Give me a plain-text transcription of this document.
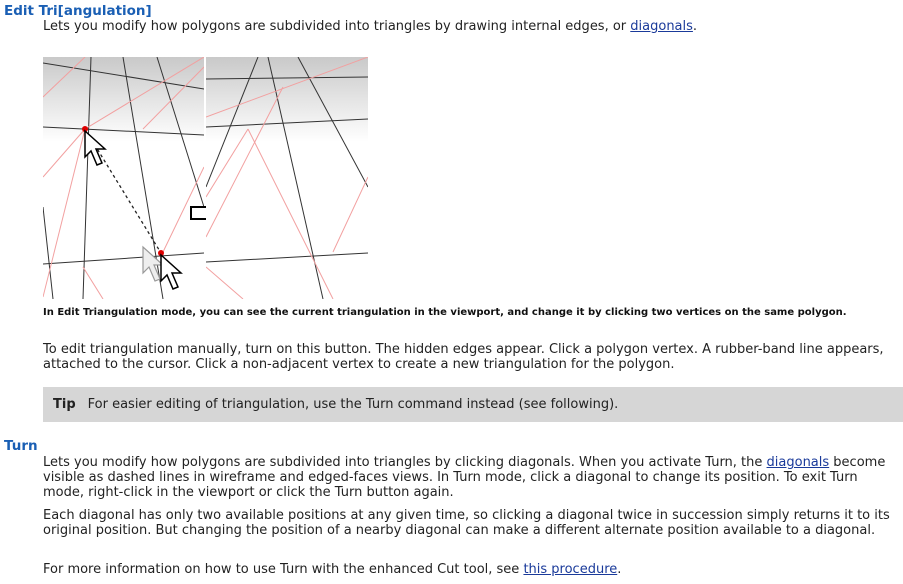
Edit Tri[angulation]

Lets you modify how polygons are subdivided into triangles by drawing internal edges, or diagonals.

In Edit Triangulation mode, you can see the current triangulation in the viewport, and change it by clicking two vertices on the same polygon.

To edit triangulation manually, turn on this button. The hidden edges appear. Click a polygon vertex. A rubber-band line appears, attached to the cursor. Click a non-adjacent vertex to create a new triangulation for the polygon.

Tip For easier editing of triangulation, use the Turn command instead (see following).
Turn

Lets you modify how polygons are subdivided into triangles by clicking diagonals. When you activate Turn, the diagonals become visible as dashed lines in wireframe and edged-faces views. In Turn mode, click a diagonal to change its position. To exit Turn mode, right-click in the viewport or click the Turn button again.

Each diagonal has only two available positions at any given time, so clicking a diagonal twice in succession simply returns it to its original position. But changing the position of a nearby diagonal can make a different alternate position available to a diagonal.

For more information on how to use Turn with the enhanced Cut tool, see this procedure.
